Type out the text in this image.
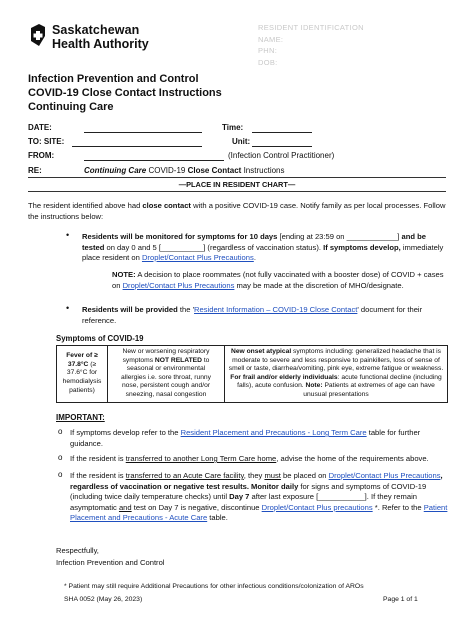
Saskatchewan
Health Authority
RESIDENT IDENTIFICATION
NAME:
PHN:
DOB:
Infection Prevention and Control
COVID-19 Close Contact Instructions
Continuing Care
DATE:	Time:
TO: SITE:	Unit:
FROM:	(Infection Control Practitioner)
RE:	Continuing Care COVID-19 Close Contact Instructions
—PLACE IN RESIDENT CHART—
The resident identified above had close contact with a positive COVID-19 case. Notify family as per local processes. Follow the instructions below:
• Residents will be monitored for symptoms for 10 days [ending at 23:59 on ____________] and be tested on day 0 and 5 [__________] (regardless of vaccination status). If symptoms develop, immediately place resident on Droplet/Contact Plus Precautions.
NOTE: A decision to place roommates (not fully vaccinated with a booster dose) of COVID + cases on Droplet/Contact Plus Precautions may be made at the discretion of MHO/designate.
• Residents will be provided the 'Resident Information – COVID-19 Close Contact' document for their reference.
Symptoms of COVID-19
Fever of ≥ 37.8°C (≥ 37.6°C for hemodialysis patients)	New or worsening respiratory symptoms NOT RELATED to seasonal or environmental allergies i.e. sore throat, runny nose, persistent cough and/or sneezing, nasal congestion	New onset atypical symptoms including: generalized headache that is moderate to severe and less responsive to painkillers, loss of sense of smell or taste, diarrhea/vomiting, pink eye, extreme fatigue or weakness. For frail and/or elderly individuals: acute functional decline (including falls), acute confusion. Note: Patients at extremes of age can have unusual presentations
IMPORTANT:
o If symptoms develop refer to the Resident Placement and Precautions - Long Term Care table for further guidance.
o If the resident is transferred to another Long Term Care home, advise the home of the requirements above.
o If the resident is transferred to an Acute Care facility, they must be placed on Droplet/Contact Plus Precautions, regardless of vaccination or negative test results. Monitor daily for signs and symptoms of COVID-19 (including twice daily temperature checks) until Day 7 after last exposure [___________]. If they remain asymptomatic and test on Day 7 is negative, discontinue Droplet/Contact Plus precautions *. Refer to the Patient Placement and Precautions - Acute Care table.
Respectfully,
Infection Prevention and Control
* Patient may still require Additional Precautions for other infectious conditions/colonization of AROs
SHA 0052 (May 26, 2023)	Page 1 of 1
